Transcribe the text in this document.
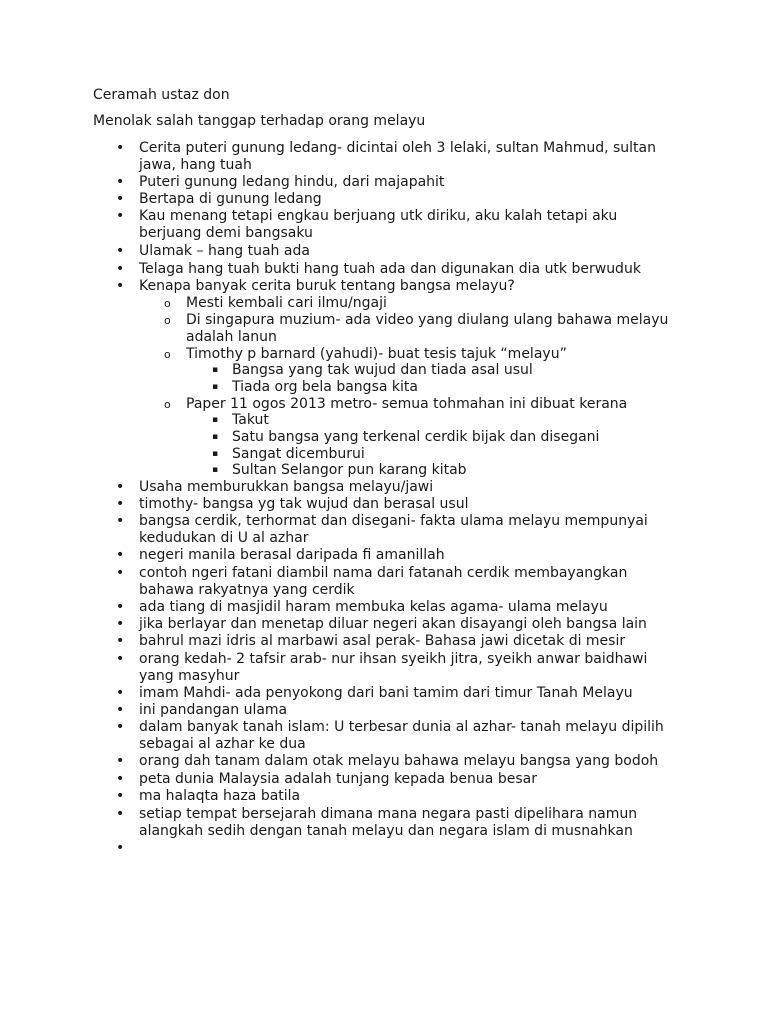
Ceramah ustaz don
Menolak salah tanggap terhadap orang melayu
• Cerita puteri gunung ledang- dicintai oleh 3 lelaki, sultan Mahmud, sultan
jawa, hang tuah
• Puteri gunung ledang hindu, dari majapahit
• Bertapa di gunung ledang
• Kau menang tetapi engkau berjuang utk diriku, aku kalah tetapi aku
berjuang demi bangsaku
• Ulamak – hang tuah ada
• Telaga hang tuah bukti hang tuah ada dan digunakan dia utk berwuduk
• Kenapa banyak cerita buruk tentang bangsa melayu?
o Mesti kembali cari ilmu/ngaji
o Di singapura muzium- ada video yang diulang ulang bahawa melayu
adalah lanun
o Timothy p barnard (yahudi)- buat tesis tajuk “melayu”
▪ Bangsa yang tak wujud dan tiada asal usul
▪ Tiada org bela bangsa kita
o Paper 11 ogos 2013 metro- semua tohmahan ini dibuat kerana
▪ Takut
▪ Satu bangsa yang terkenal cerdik bijak dan disegani
▪ Sangat dicemburui
▪ Sultan Selangor pun karang kitab
• Usaha memburukkan bangsa melayu/jawi
• timothy- bangsa yg tak wujud dan berasal usul
• bangsa cerdik, terhormat dan disegani- fakta ulama melayu mempunyai
kedudukan di U al azhar
• negeri manila berasal daripada fi amanillah
• contoh ngeri fatani diambil nama dari fatanah cerdik membayangkan
bahawa rakyatnya yang cerdik
• ada tiang di masjidil haram membuka kelas agama- ulama melayu
• jika berlayar dan menetap diluar negeri akan disayangi oleh bangsa lain
• bahrul mazi idris al marbawi asal perak- Bahasa jawi dicetak di mesir
• orang kedah- 2 tafsir arab- nur ihsan syeikh jitra, syeikh anwar baidhawi
yang masyhur
• imam Mahdi- ada penyokong dari bani tamim dari timur Tanah Melayu
• ini pandangan ulama
• dalam banyak tanah islam: U terbesar dunia al azhar- tanah melayu dipilih
sebagai al azhar ke dua
• orang dah tanam dalam otak melayu bahawa melayu bangsa yang bodoh
• peta dunia Malaysia adalah tunjang kepada benua besar
• ma halaqta haza batila
• setiap tempat bersejarah dimana mana negara pasti dipelihara namun
alangkah sedih dengan tanah melayu dan negara islam di musnahkan
•
